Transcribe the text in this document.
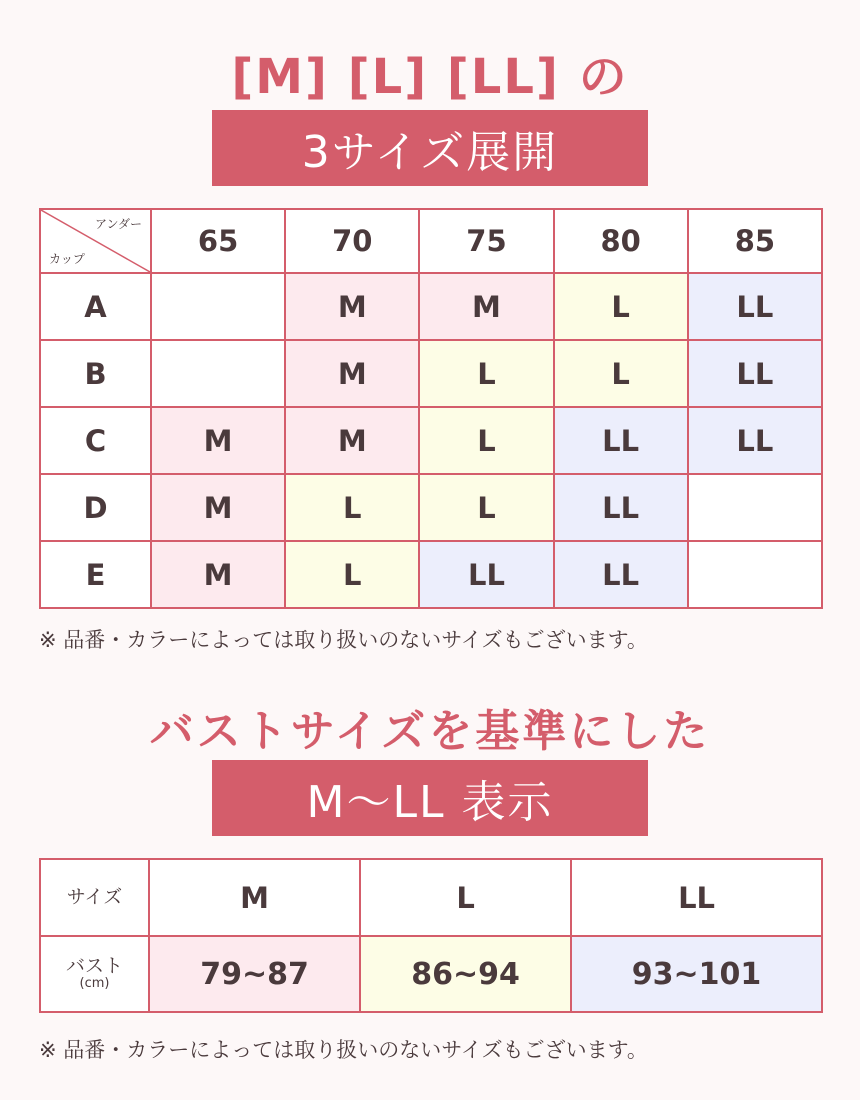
[M] [L] [LL] の
3サイズ展開
アンダー
カップ	65	70	75	80	85
A		M	M	L	LL
B		M	L	L	LL
C	M	M	L	LL	LL
D	M	L	L	LL	
E	M	L	LL	LL	
※ 品番・カラーによっては取り扱いのないサイズもございます。
バストサイズを基準にした
M〜LL 表示
サイズ	M	L	LL
バスト
(cm)	79~87	86~94	93~101
※ 品番・カラーによっては取り扱いのないサイズもございます。
